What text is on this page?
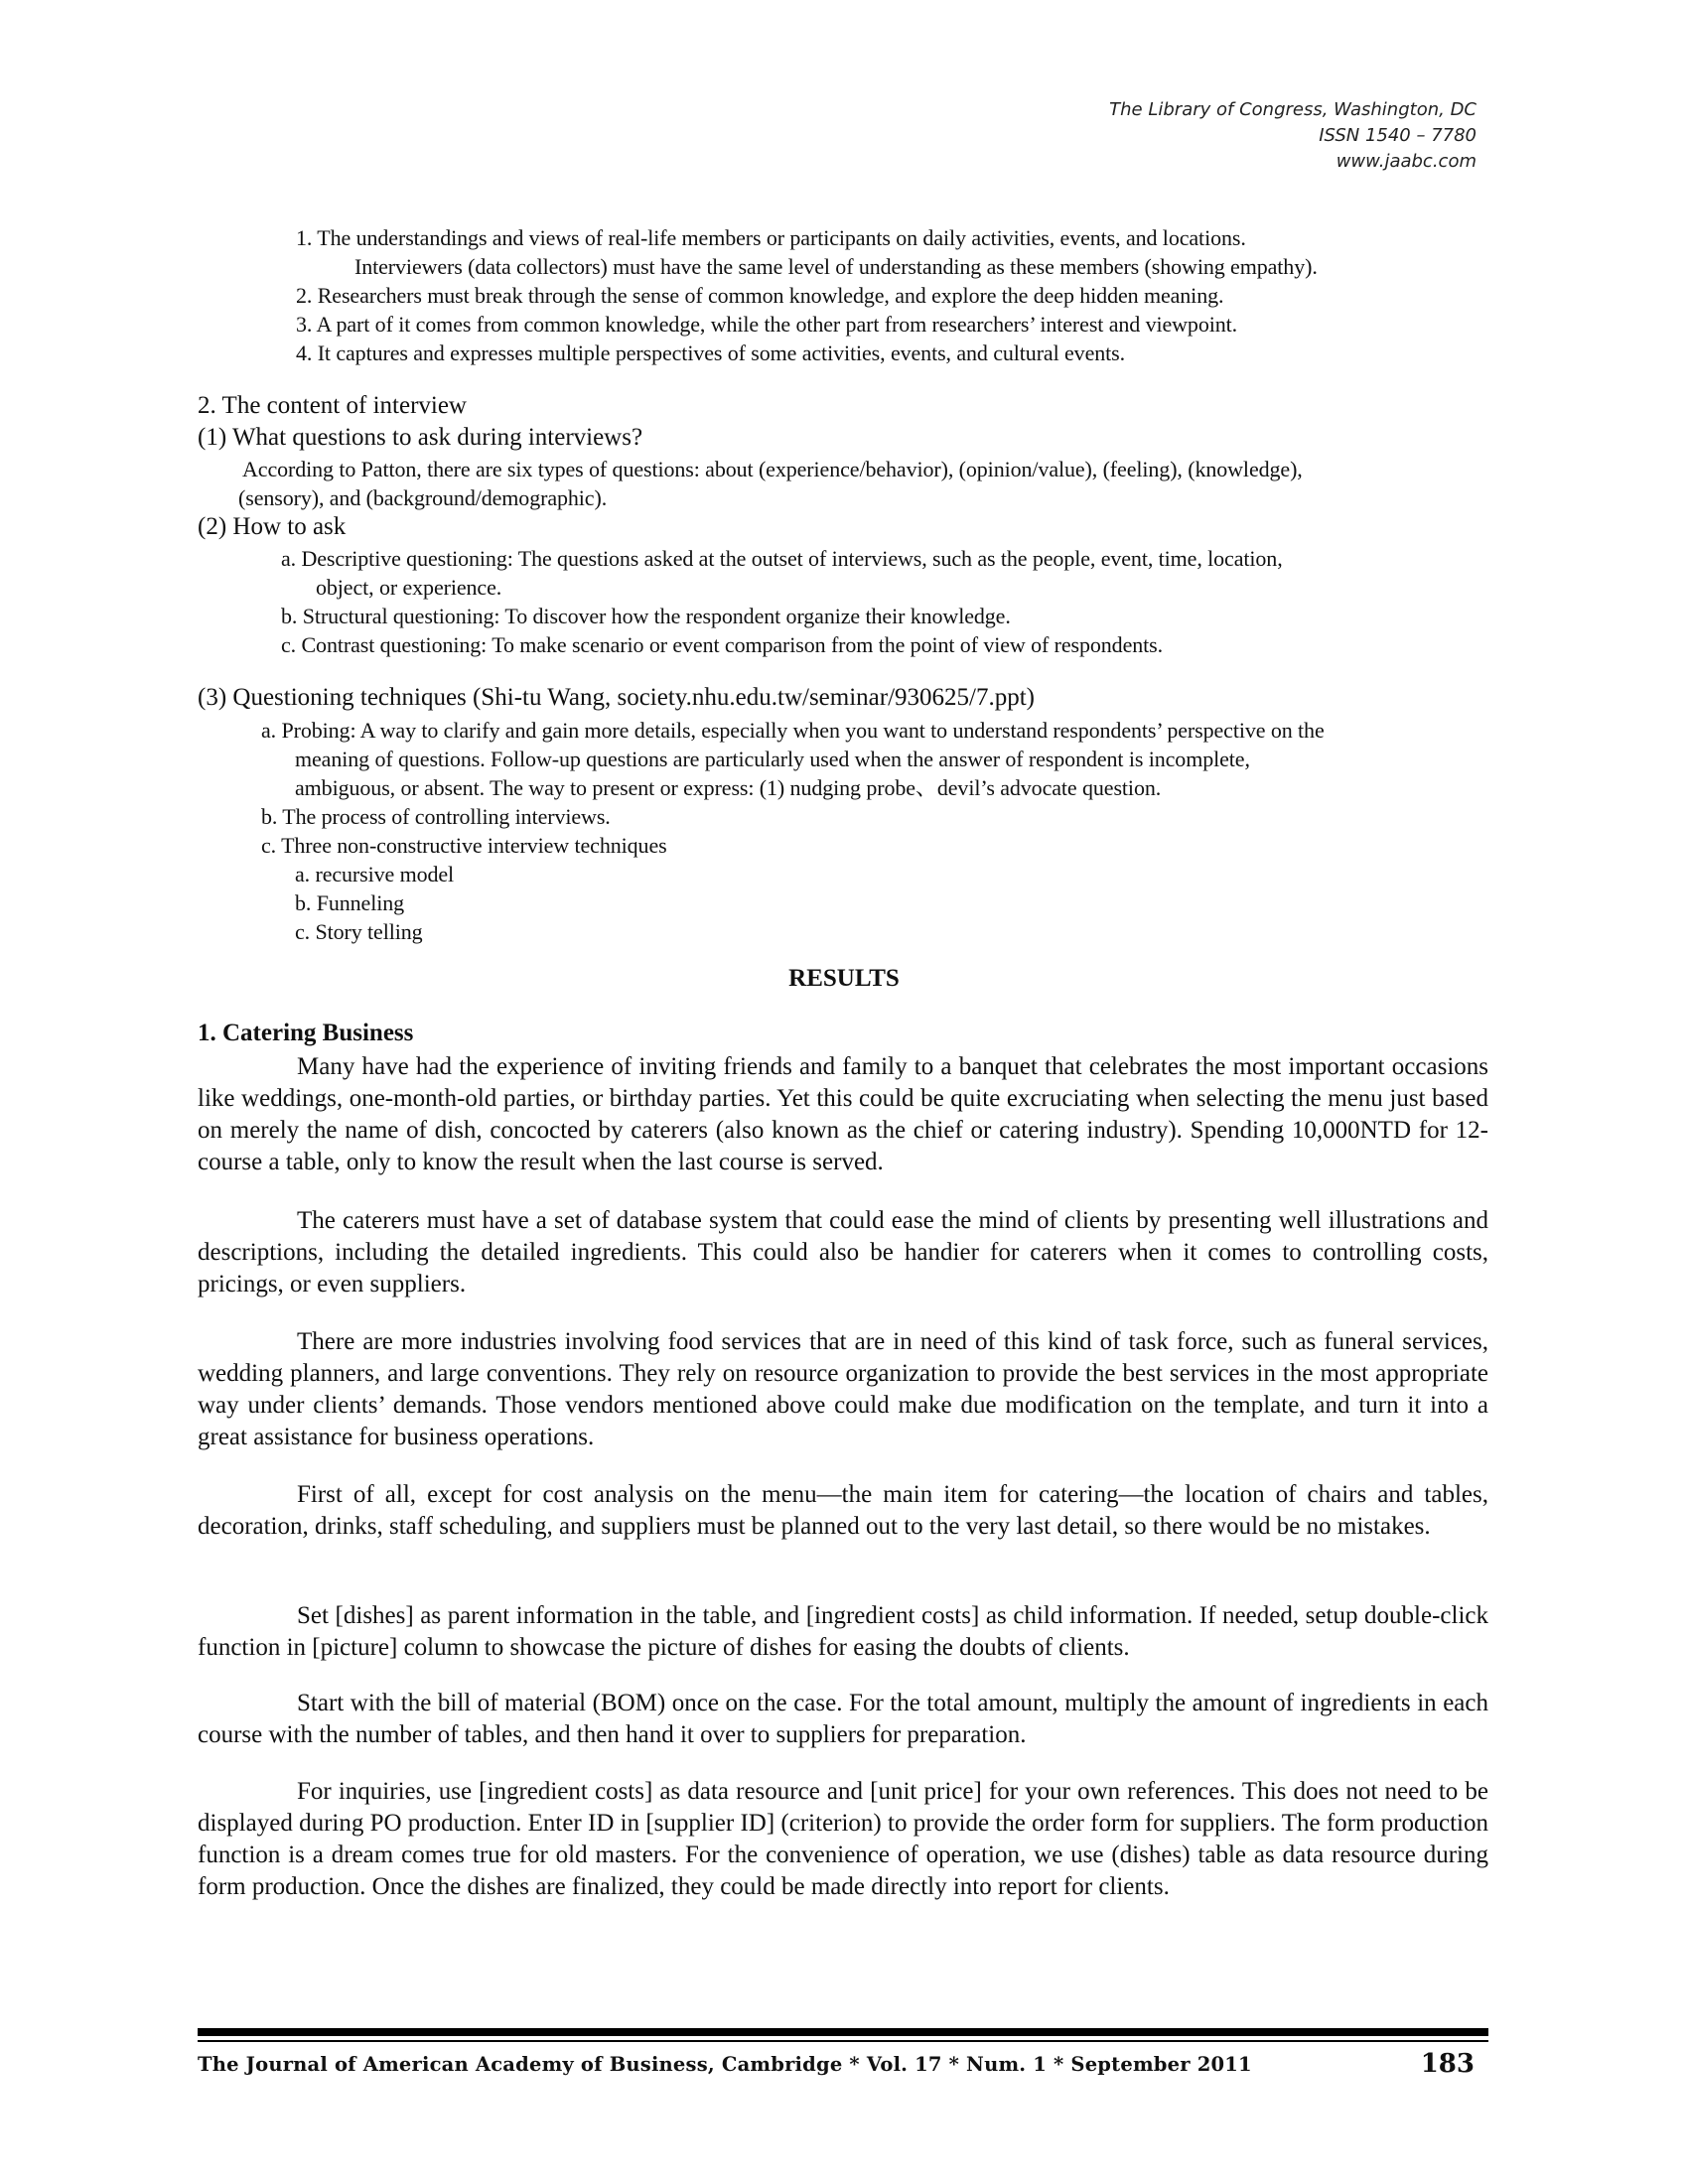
The Library of Congress, Washington, DC
ISSN 1540 – 7780
www.jaabc.com
1. The understandings and views of real-life members or participants on daily activities, events, and locations.
Interviewers (data collectors) must have the same level of understanding as these members (showing empathy).
2. Researchers must break through the sense of common knowledge, and explore the deep hidden meaning.
3. A part of it comes from common knowledge, while the other part from researchers’ interest and viewpoint.
4. It captures and expresses multiple perspectives of some activities, events, and cultural events.
2. The content of interview
(1) What questions to ask during interviews?
According to Patton, there are six types of questions: about (experience/behavior), (opinion/value), (feeling), (knowledge),
(sensory), and (background/demographic).
(2) How to ask
a. Descriptive questioning: The questions asked at the outset of interviews, such as the people, event, time, location,
object, or experience.
b. Structural questioning: To discover how the respondent organize their knowledge.
c. Contrast questioning: To make scenario or event comparison from the point of view of respondents.
(3) Questioning techniques (Shi-tu Wang, society.nhu.edu.tw/seminar/930625/7.ppt)
a. Probing: A way to clarify and gain more details, especially when you want to understand respondents’ perspective on the
meaning of questions. Follow-up questions are particularly used when the answer of respondent is incomplete,
ambiguous, or absent. The way to present or express: (1) nudging probe、devil’s advocate question.
b. The process of controlling interviews.
c. Three non-constructive interview techniques
a. recursive model
b. Funneling
c. Story telling
RESULTS
1. Catering Business

Many have had the experience of inviting friends and family to a banquet that celebrates the most important occasions like weddings, one-month-old parties, or birthday parties. Yet this could be quite excruciating when selecting the menu just based on merely the name of dish, concocted by caterers (also known as the chief or catering industry). Spending 10,000NTD for 12-course a table, only to know the result when the last course is served.

The caterers must have a set of database system that could ease the mind of clients by presenting well illustrations and descriptions, including the detailed ingredients. This could also be handier for caterers when it comes to controlling costs, pricings, or even suppliers.

There are more industries involving food services that are in need of this kind of task force, such as funeral services, wedding planners, and large conventions. They rely on resource organization to provide the best services in the most appropriate way under clients’ demands. Those vendors mentioned above could make due modification on the template, and turn it into a great assistance for business operations.

First of all, except for cost analysis on the menu—the main item for catering—the location of chairs and tables, decoration, drinks, staff scheduling, and suppliers must be planned out to the very last detail, so there would be no mistakes.

Set [dishes] as parent information in the table, and [ingredient costs] as child information. If needed, setup double-click function in [picture] column to showcase the picture of dishes for easing the doubts of clients.

Start with the bill of material (BOM) once on the case. For the total amount, multiply the amount of ingredients in each course with the number of tables, and then hand it over to suppliers for preparation.

For inquiries, use [ingredient costs] as data resource and [unit price] for your own references. This does not need to be displayed during PO production. Enter ID in [supplier ID] (criterion) to provide the order form for suppliers. The form production function is a dream comes true for old masters. For the convenience of operation, we use (dishes) table as data resource during form production. Once the dishes are finalized, they could be made directly into report for clients.

The Journal of American Academy of Business, Cambridge * Vol. 17 * Num. 1 * September 2011	183
